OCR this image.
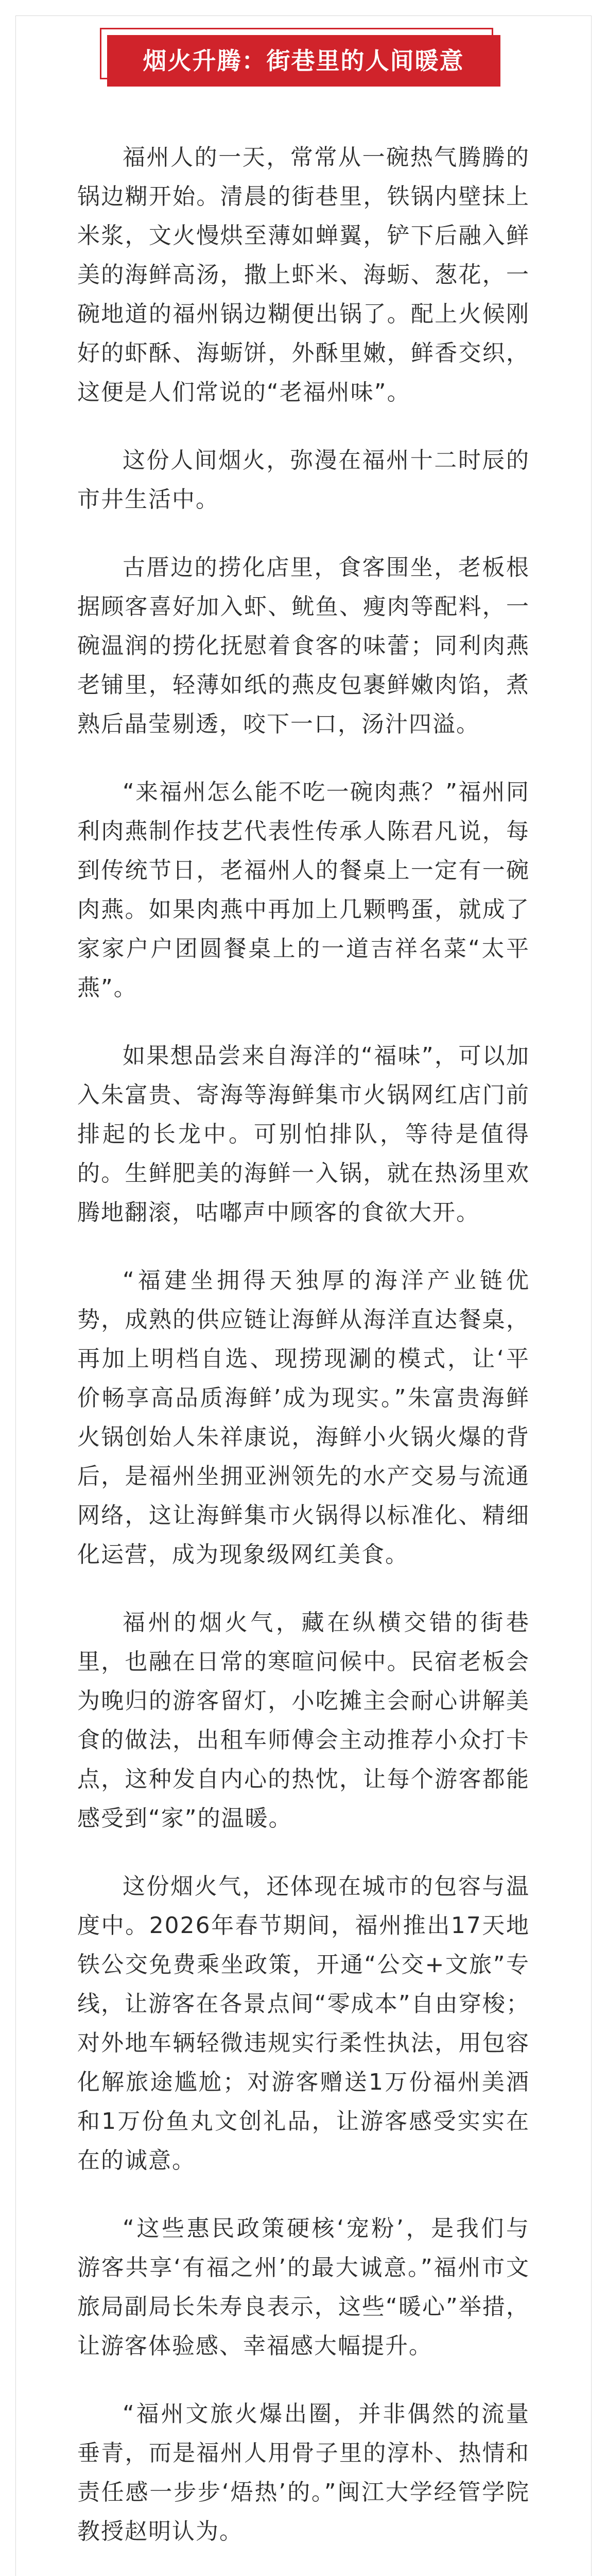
烟火升腾：街巷里的人间暖意

福州人的一天，常常从一碗热气腾腾的锅边糊开始。清晨的街巷里，铁锅内壁抹上米浆，文火慢烘至薄如蝉翼，铲下后融入鲜美的海鲜高汤，撒上虾米、海蛎、葱花，一碗地道的福州锅边糊便出锅了。配上火候刚好的虾酥、海蛎饼，外酥里嫩，鲜香交织，这便是人们常说的“老福州味”。

这份人间烟火，弥漫在福州十二时辰的市井生活中。

古厝边的捞化店里，食客围坐，老板根据顾客喜好加入虾、鱿鱼、瘦肉等配料，一碗温润的捞化抚慰着食客的味蕾；同利肉燕老铺里，轻薄如纸的燕皮包裹鲜嫩肉馅，煮熟后晶莹剔透，咬下一口，汤汁四溢。

“来福州怎么能不吃一碗肉燕？”福州同利肉燕制作技艺代表性传承人陈君凡说，每到传统节日，老福州人的餐桌上一定有一碗肉燕。如果肉燕中再加上几颗鸭蛋，就成了家家户户团圆餐桌上的一道吉祥名菜“太平燕”。

如果想品尝来自海洋的“福味”，可以加入朱富贵、寄海等海鲜集市火锅网红店门前排起的长龙中。可别怕排队，等待是值得的。生鲜肥美的海鲜一入锅，就在热汤里欢腾地翻滚，咕嘟声中顾客的食欲大开。

“福建坐拥得天独厚的海洋产业链优势，成熟的供应链让海鲜从海洋直达餐桌，再加上明档自选、现捞现涮的模式，让‘平价畅享高品质海鲜’成为现实。”朱富贵海鲜火锅创始人朱祥康说，海鲜小火锅火爆的背后，是福州坐拥亚洲领先的水产交易与流通网络，这让海鲜集市火锅得以标准化、精细化运营，成为现象级网红美食。

福州的烟火气，藏在纵横交错的街巷里，也融在日常的寒暄问候中。民宿老板会为晚归的游客留灯，小吃摊主会耐心讲解美食的做法，出租车师傅会主动推荐小众打卡点，这种发自内心的热忱，让每个游客都能感受到“家”的温暖。

这份烟火气，还体现在城市的包容与温度中。2026年春节期间，福州推出17天地铁公交免费乘坐政策，开通“公交+文旅”专线，让游客在各景点间“零成本”自由穿梭；对外地车辆轻微违规实行柔性执法，用包容化解旅途尴尬；对游客赠送1万份福州美酒和1万份鱼丸文创礼品，让游客感受实实在在的诚意。

“这些惠民政策硬核‘宠粉’，是我们与游客共享‘有福之州’的最大诚意。”福州市文旅局副局长朱寿良表示，这些“暖心”举措，让游客体验感、幸福感大幅提升。

“福州文旅火爆出圈，并非偶然的流量垂青，而是福州人用骨子里的淳朴、热情和责任感一步步‘焐热’的。”闽江大学经管学院教授赵明认为。
